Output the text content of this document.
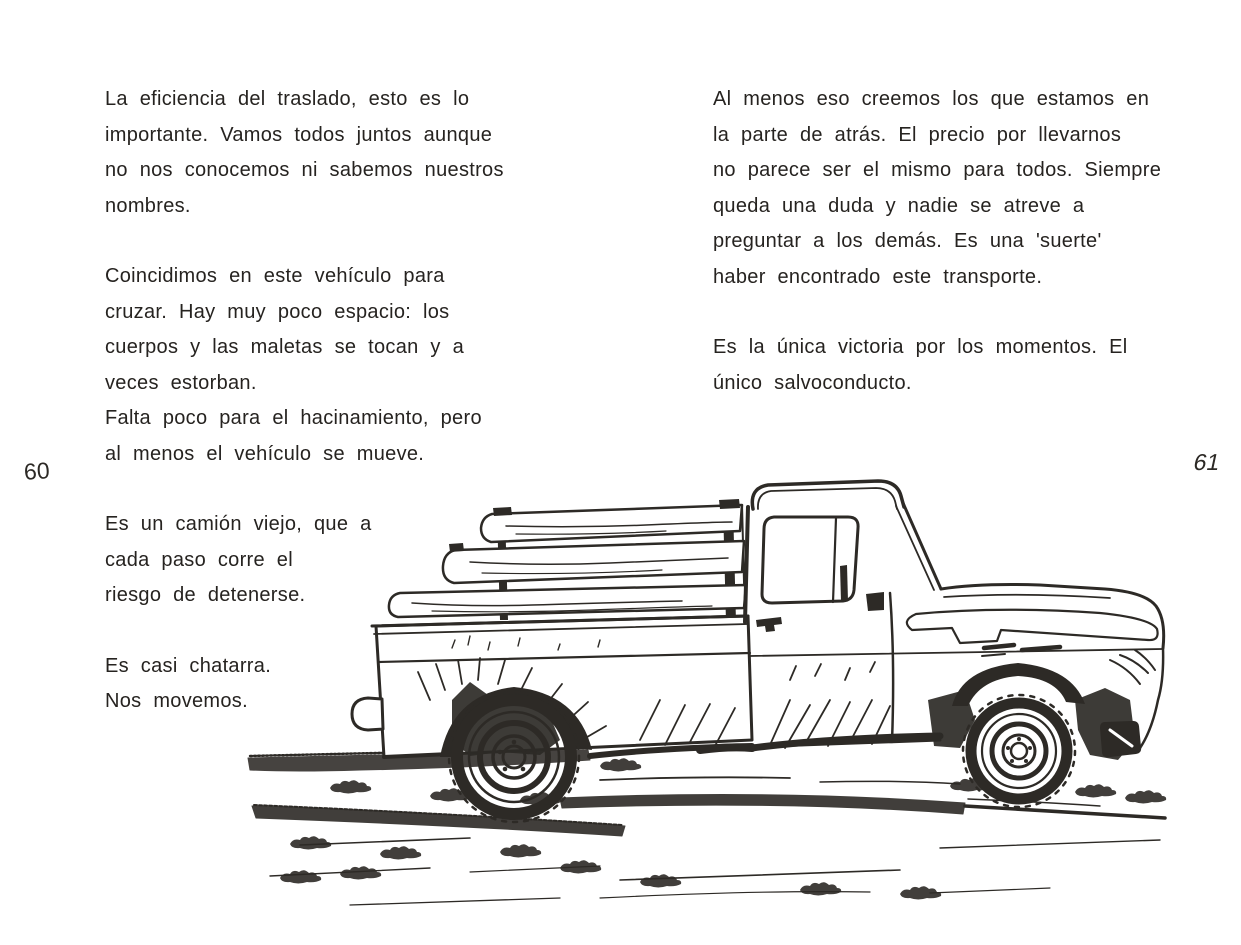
La eficiencia del traslado, esto es lo
importante. Vamos todos juntos aunque
no nos conocemos ni sabemos nuestros
nombres.
Coincidimos en este vehículo para
cruzar. Hay muy poco espacio: los
cuerpos y las maletas se tocan y a
veces estorban.
Falta poco para el hacinamiento, pero
al menos el vehículo se mueve.
Es un camión viejo, que a
cada paso corre el
riesgo de detenerse.
Es casi chatarra.
Nos movemos.
Al menos eso creemos los que estamos en
la parte de atrás. El precio por llevarnos
no parece ser el mismo para todos. Siempre
queda una duda y nadie se atreve a
preguntar a los demás. Es una 'suerte'
haber encontrado este transporte.
Es la única victoria por los momentos. El
único salvoconducto.
60	61
